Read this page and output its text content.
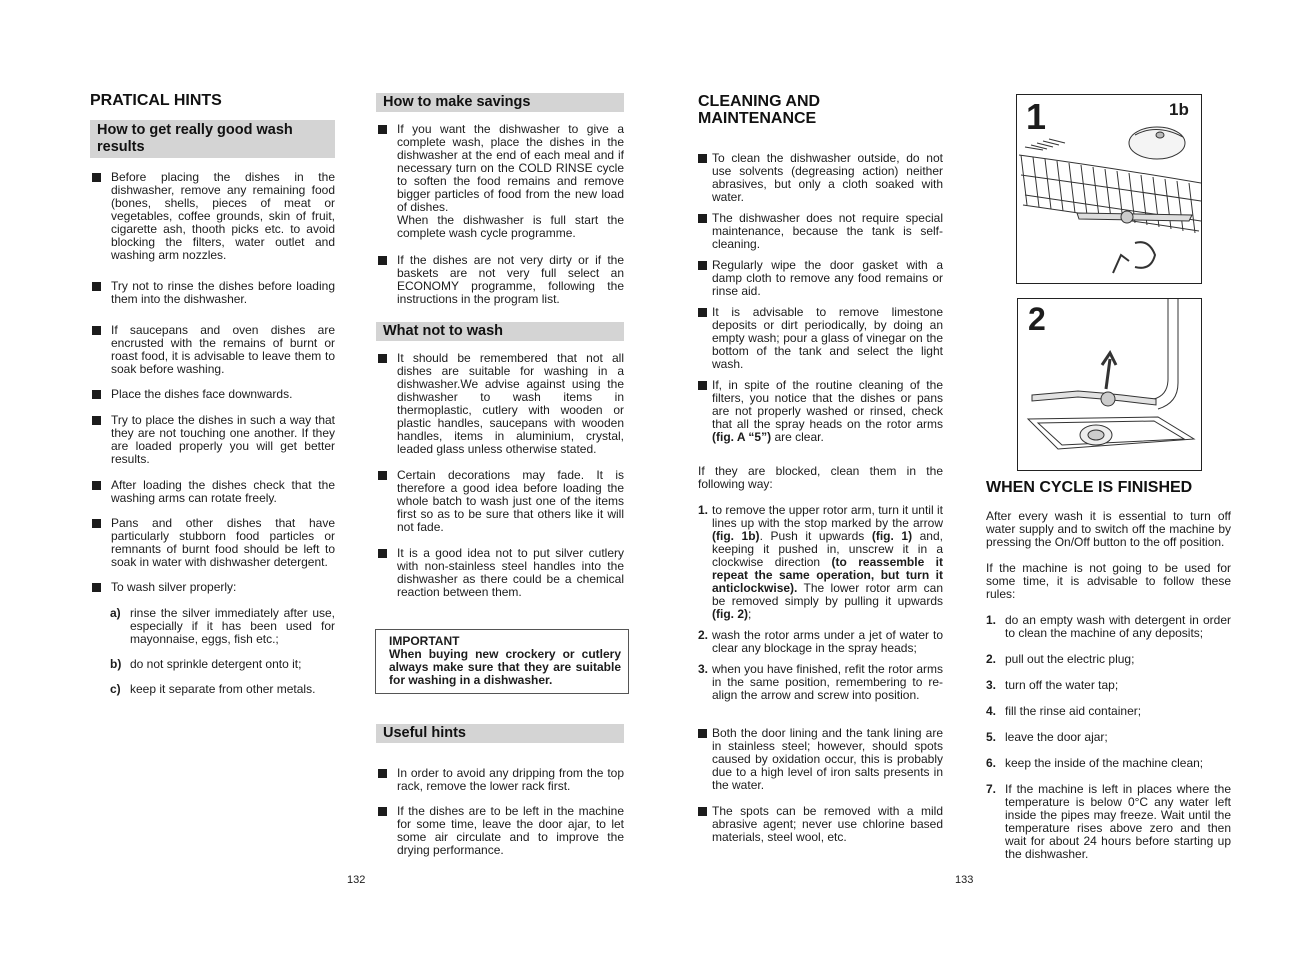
PRATICAL HINTS
How to get really good wash results
Before placing the dishes in the dishwasher, remove any remaining food (bones, shells, pieces of meat or vegetables, coffee grounds, skin of fruit, cigarette ash, thooth picks etc. to avoid blocking the filters, water outlet and washing arm nozzles.
Try not to rinse the dishes before loading them into the dishwasher.
If saucepans and oven dishes are encrusted with the remains of burnt or roast food, it is advisable to leave them to soak before washing.
Place the dishes face downwards.
Try to place the dishes in such a way that they are not touching one another. If they are loaded properly you will get better results.
After loading the dishes check that the washing arms can rotate freely.
Pans and other dishes that have particularly stubborn food particles or remnants of burnt food should be left to soak in water with dishwasher detergent.
To wash silver properly:
a) rinse the silver immediately after use, especially if it has been used for mayonnaise, eggs, fish etc.;
b) do not sprinkle detergent onto it;
c) keep it separate from other metals.
How to make savings
If you want the dishwasher to give a complete wash, place the dishes in the dishwasher at the end of each meal and if necessary turn on the COLD RINSE cycle to soften the food remains and remove bigger particles of food from the new load of dishes.
When the dishwasher is full start the complete wash cycle programme.
If the dishes are not very dirty or if the baskets are not very full select an ECONOMY programme, following the instructions in the program list.
What not to wash
It should be remembered that not all dishes are suitable for washing in a dishwasher.We advise against using the dishwasher to wash items in thermoplastic, cutlery with wooden or plastic handles, saucepans with wooden handles, items in aluminium, crystal, leaded glass unless otherwise stated.
Certain decorations may fade. It is therefore a good idea before loading the whole batch to wash just one of the items first so as to be sure that others like it will not fade.
It is a good idea not to put silver cutlery with non-stainless steel handles into the dishwasher as there could be a chemical reaction between them.
IMPORTANT
When buying new crockery or cutlery always make sure that they are suitable for washing in a dishwasher.
Useful hints
In order to avoid any dripping from the top rack, remove the lower rack first.
If the dishes are to be left in the machine for some time, leave the door ajar, to let some air circulate and to improve the drying performance.
132
CLEANING AND MAINTENANCE
To clean the dishwasher outside, do not use solvents (degreasing action) neither abrasives, but only a cloth soaked with water.
The dishwasher does not require special maintenance, because the tank is self-cleaning.
Regularly wipe the door gasket with a damp cloth to remove any food remains or rinse aid.
It is advisable to remove limestone deposits or dirt periodically, by doing an empty wash; pour a glass of vinegar on the bottom of the tank and select the light wash.
If, in spite of the routine cleaning of the filters, you notice that the dishes or pans are not properly washed or rinsed, check that all the spray heads on the rotor arms (fig. A “5”) are clear.
If they are blocked, clean them in the following way:
1. to remove the upper rotor arm, turn it until it lines up with the stop marked by the arrow (fig. 1b). Push it upwards (fig. 1) and, keeping it pushed in, unscrew it in a clockwise direction (to reassemble it repeat the same operation, but turn it anticlockwise). The lower rotor arm can be removed simply by pulling it upwards (fig. 2);
2. wash the rotor arms under a jet of water to clear any blockage in the spray heads;
3. when you have finished, refit the rotor arms in the same position, remembering to re-align the arrow and screw into position.
Both the door lining and the tank lining are in stainless steel; however, should spots caused by oxidation occur, this is probably due to a high level of iron salts presents in the water.
The spots can be removed with a mild abrasive agent; never use chlorine based materials, steel wool, etc.
133
1	1b
2
WHEN CYCLE IS FINISHED
After every wash it is essential to turn off water supply and to switch off the machine by pressing the On/Off button to the off position.
If the machine is not going to be used for some time, it is advisable to follow these rules:
1. do an empty wash with detergent in order to clean the machine of any deposits;
2. pull out the electric plug;
3. turn off the water tap;
4. fill the rinse aid container;
5. leave the door ajar;
6. keep the inside of the machine clean;
7. If the machine is left in places where the temperature is below 0°C any water left inside the pipes may freeze. Wait until the temperature rises above zero and then wait for about 24 hours before starting up the dishwasher.
